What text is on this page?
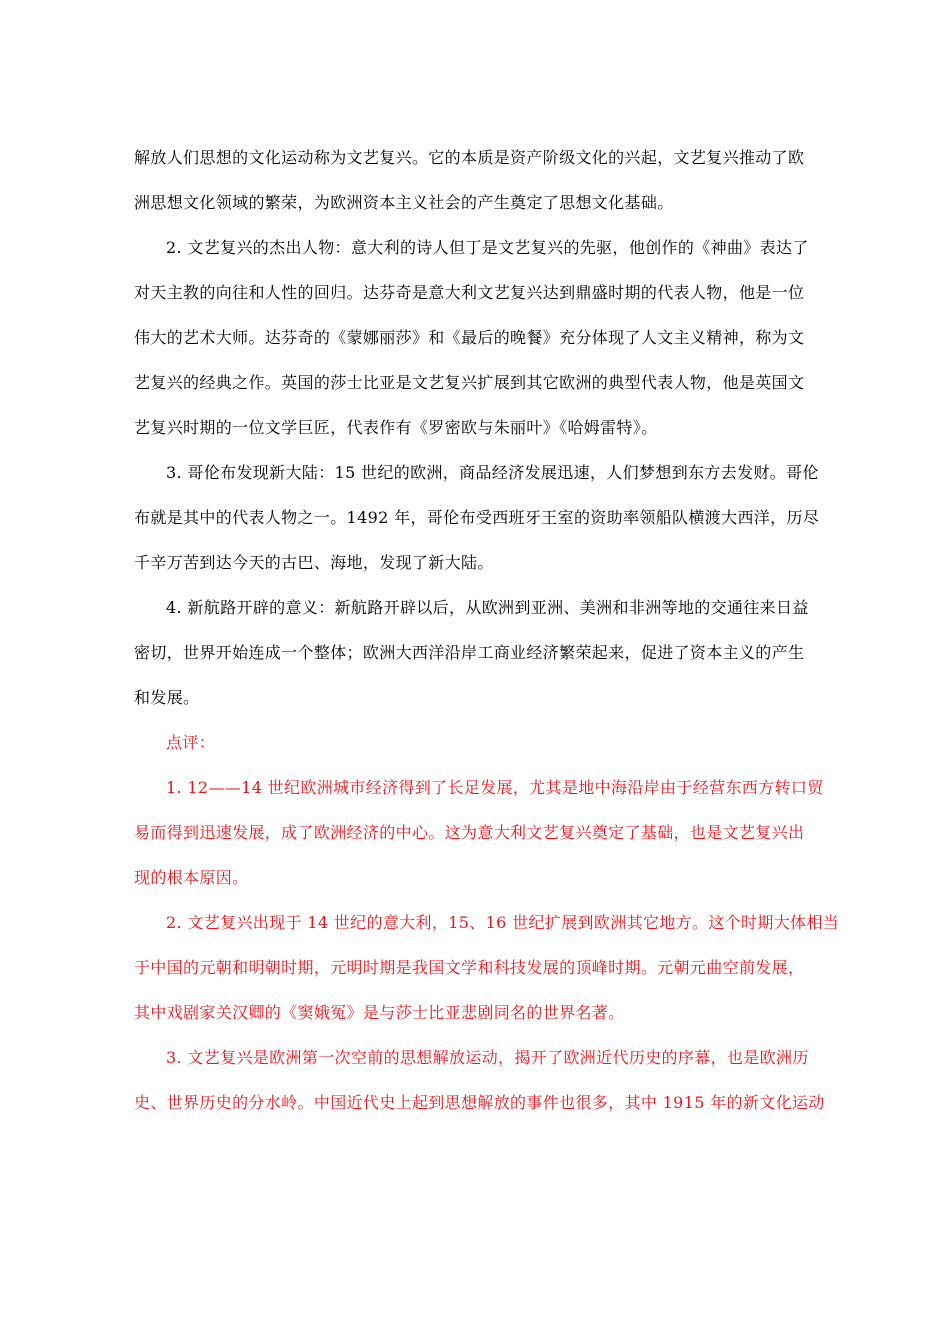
解放人们思想的文化运动称为文艺复兴。它的本质是资产阶级文化的兴起，文艺复兴推动了欧
洲思想文化领域的繁荣，为欧洲资本主义社会的产生奠定了思想文化基础。
2. 文艺复兴的杰出人物：意大利的诗人但丁是文艺复兴的先驱，他创作的《神曲》表达了
对天主教的向往和人性的回归。达芬奇是意大利文艺复兴达到鼎盛时期的代表人物，他是一位
伟大的艺术大师。达芬奇的《蒙娜丽莎》和《最后的晚餐》充分体现了人文主义精神，称为文
艺复兴的经典之作。英国的莎士比亚是文艺复兴扩展到其它欧洲的典型代表人物，他是英国文
艺复兴时期的一位文学巨匠，代表作有《罗密欧与朱丽叶》《哈姆雷特》。
3. 哥伦布发现新大陆：15 世纪的欧洲，商品经济发展迅速，人们梦想到东方去发财。哥伦
布就是其中的代表人物之一。1492 年，哥伦布受西班牙王室的资助率领船队横渡大西洋，历尽
千辛万苦到达今天的古巴、海地，发现了新大陆。
4. 新航路开辟的意义：新航路开辟以后，从欧洲到亚洲、美洲和非洲等地的交通往来日益
密切，世界开始连成一个整体；欧洲大西洋沿岸工商业经济繁荣起来，促进了资本主义的产生
和发展。
点评：
1. 12——14 世纪欧洲城市经济得到了长足发展，尤其是地中海沿岸由于经营东西方转口贸
易而得到迅速发展，成了欧洲经济的中心。这为意大利文艺复兴奠定了基础，也是文艺复兴出
现的根本原因。
2. 文艺复兴出现于 14 世纪的意大利，15、16 世纪扩展到欧洲其它地方。这个时期大体相当
于中国的元朝和明朝时期，元明时期是我国文学和科技发展的顶峰时期。元朝元曲空前发展，
其中戏剧家关汉卿的《窦娥冤》是与莎士比亚悲剧同名的世界名著。
3. 文艺复兴是欧洲第一次空前的思想解放运动，揭开了欧洲近代历史的序幕，也是欧洲历
史、世界历史的分水岭。中国近代史上起到思想解放的事件也很多，其中 1915 年的新文化运动
